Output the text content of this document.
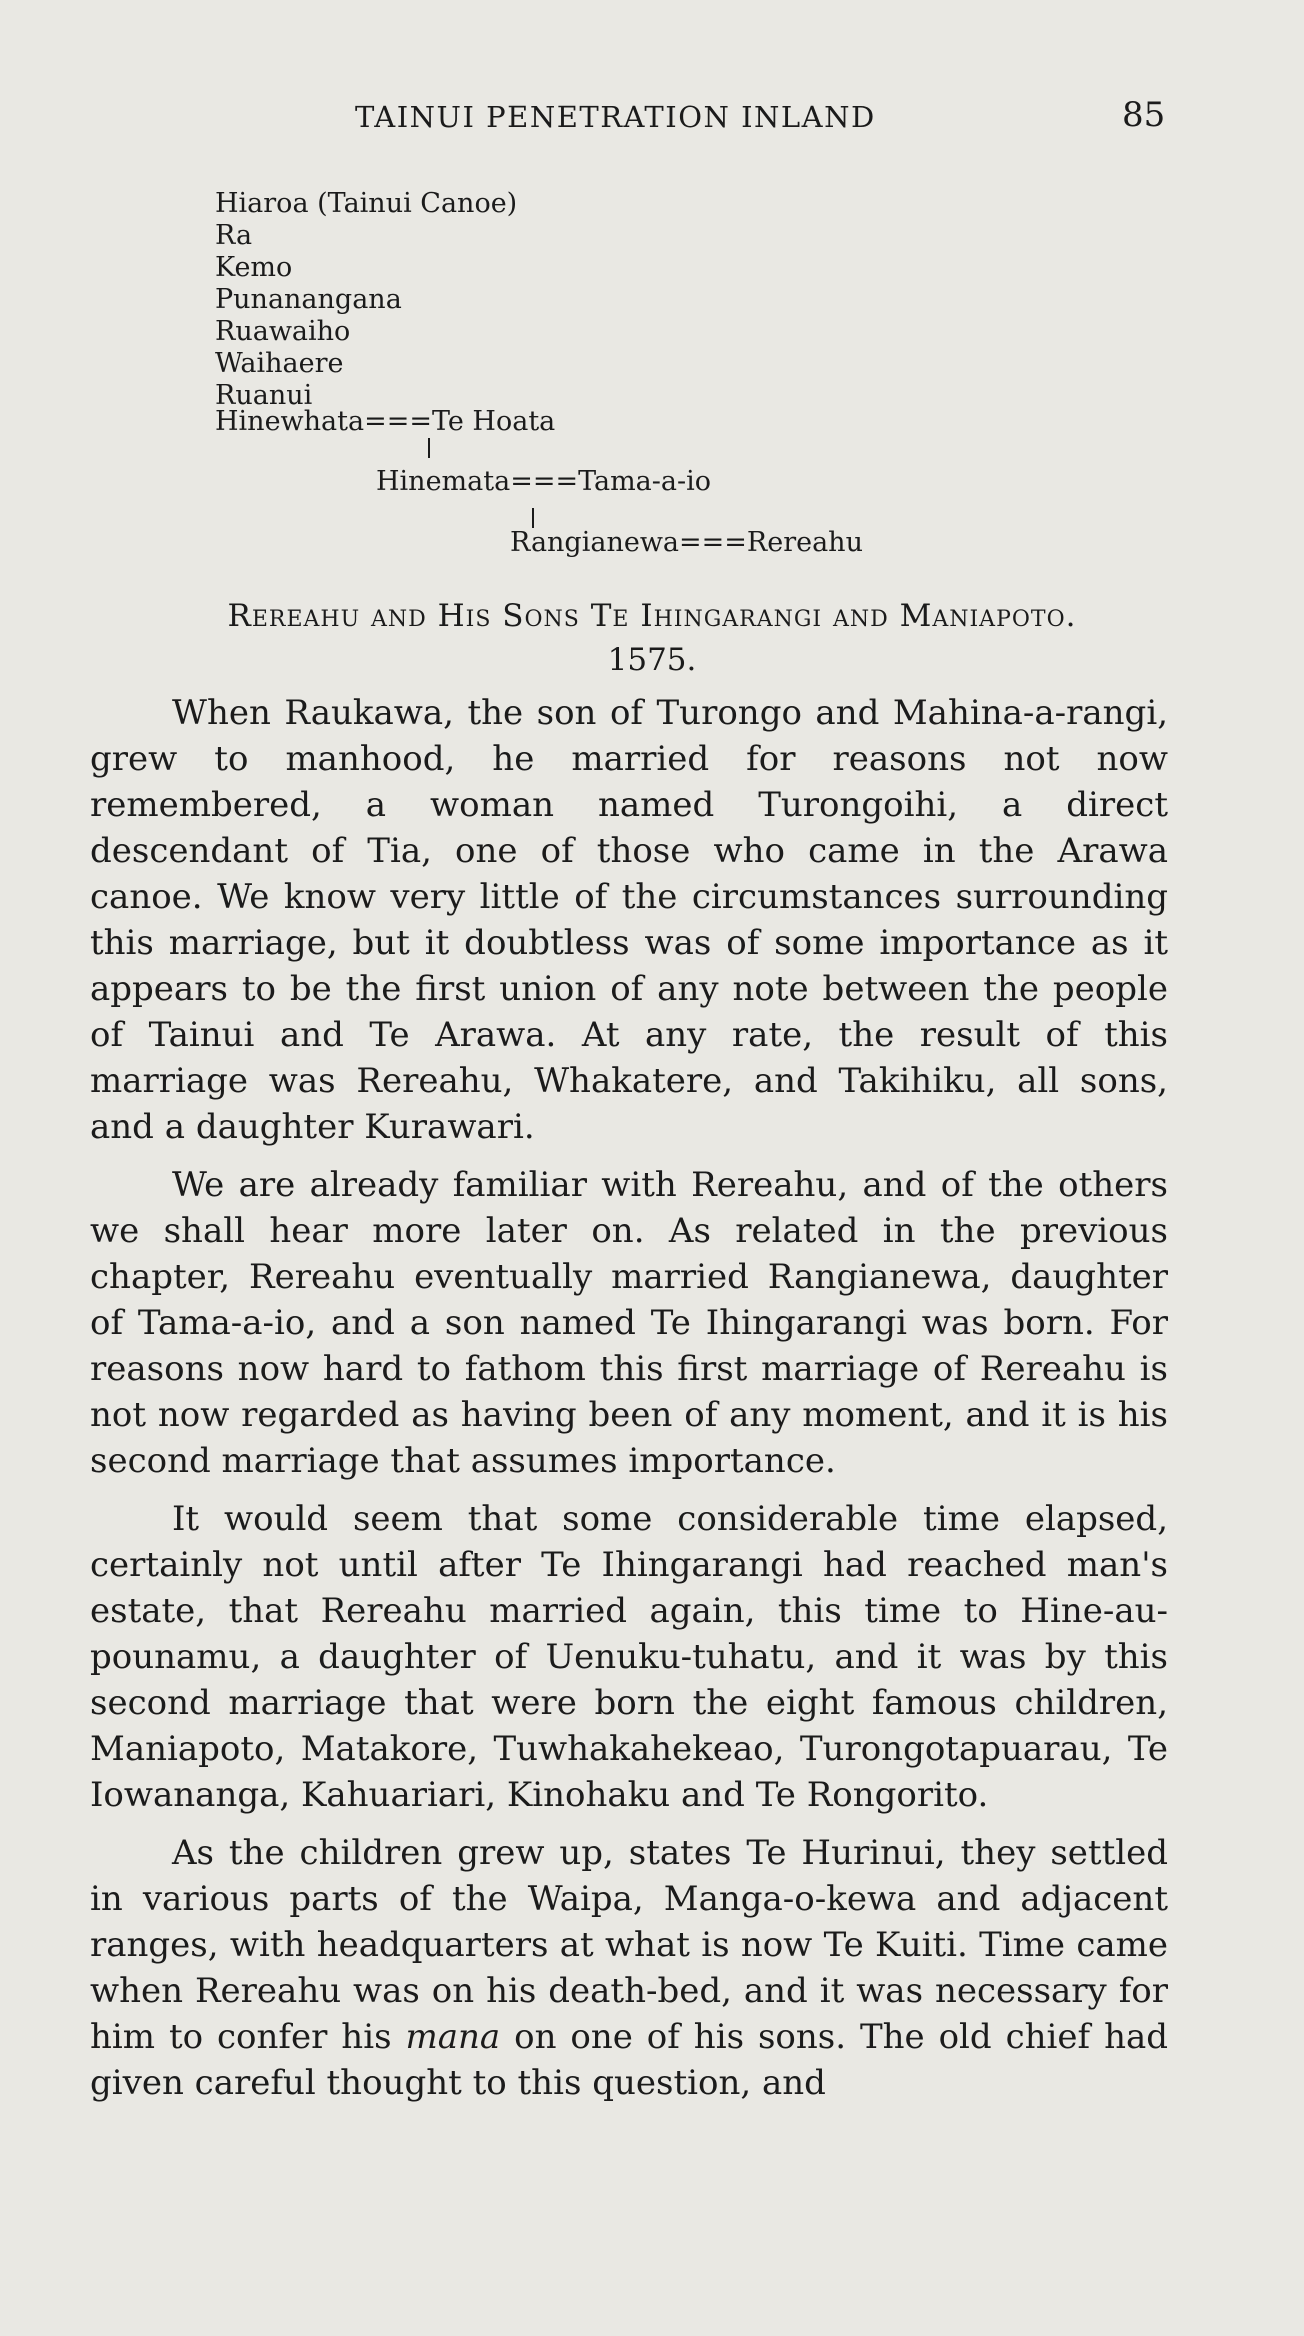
TAINUI PENETRATION INLAND	85
Hiaroa (Tainui Canoe)
Ra
Kemo
Punanangana
Ruawaiho
Waihaere
Ruanui
Hinewhata===Te Hoata
Hinemata===Tama-a-io
Rangianewa===Rereahu
Rereahu and His Sons Te Ihingarangi and Maniapoto.
1575.

When Raukawa, the son of Turongo and Mahina-a-rangi, grew to manhood, he married for reasons not now remembered, a woman named Turongoihi, a direct descendant of Tia, one of those who came in the Arawa canoe. We know very little of the circumstances surrounding this marriage, but it doubtless was of some importance as it appears to be the first union of any note between the people of Tainui and Te Arawa. At any rate, the result of this marriage was Rereahu, Whakatere, and Takihiku, all sons, and a daughter Kurawari.

We are already familiar with Rereahu, and of the others we shall hear more later on. As related in the previous chapter, Rereahu eventually married Rangianewa, daughter of Tama-a-io, and a son named Te Ihingarangi was born. For reasons now hard to fathom this first marriage of Rereahu is not now regarded as having been of any moment, and it is his second marriage that assumes importance.

It would seem that some considerable time elapsed, certainly not until after Te Ihingarangi had reached man's estate, that Rereahu married again, this time to Hine-au-pounamu, a daughter of Uenuku-tuhatu, and it was by this second marriage that were born the eight famous children, Maniapoto, Matakore, Tuwhakahekeao, Turongotapuarau, Te Iowananga, Kahuariari, Kinohaku and Te Rongorito.

As the children grew up, states Te Hurinui, they settled in various parts of the Waipa, Manga-o-kewa and adjacent ranges, with headquarters at what is now Te Kuiti. Time came when Rereahu was on his death-bed, and it was necessary for him to confer his mana on one of his sons. The old chief had given careful thought to this question, and
